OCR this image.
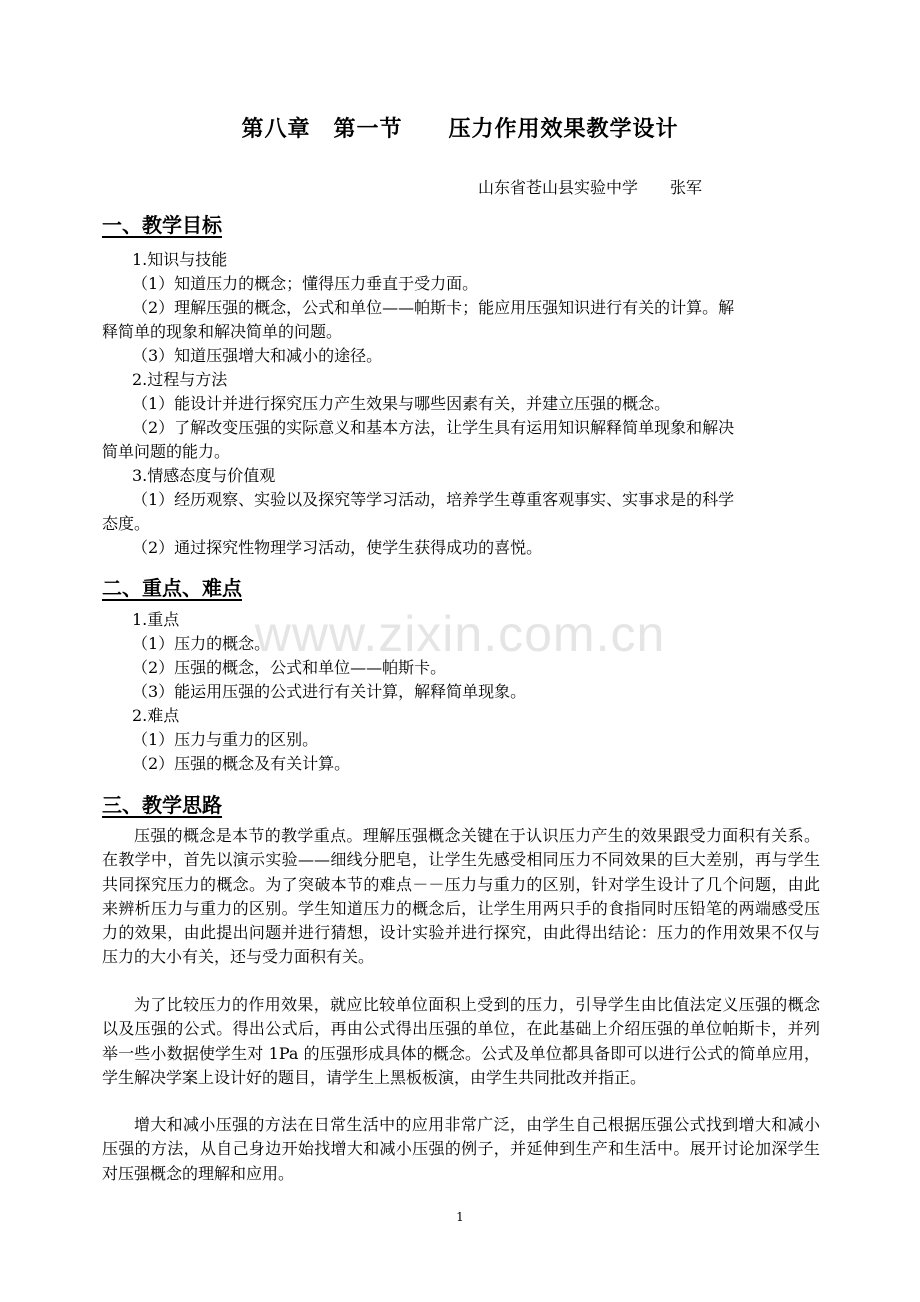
www.zixin.com.cn
第八章　第一节　　压力作用效果教学设计
山东省苍山县实验中学　　张军
一、教学目标
1.知识与技能
（1）知道压力的概念；懂得压力垂直于受力面。
（2）理解压强的概念，公式和单位——帕斯卡；能应用压强知识进行有关的计算。解
释简单的现象和解决简单的问题。
（3）知道压强增大和减小的途径。
2.过程与方法
（1）能设计并进行探究压力产生效果与哪些因素有关，并建立压强的概念。
（2）了解改变压强的实际意义和基本方法，让学生具有运用知识解释简单现象和解决
简单问题的能力。
3.情感态度与价值观
（1）经历观察、实验以及探究等学习活动，培养学生尊重客观事实、实事求是的科学
态度。
（2）通过探究性物理学习活动，使学生获得成功的喜悦。
二、重点、难点
1.重点
（1）压力的概念。
（2）压强的概念，公式和单位——帕斯卡。
（3）能运用压强的公式进行有关计算，解释简单现象。
2.难点
（1）压力与重力的区别。
（2）压强的概念及有关计算。
三、教学思路
压强的概念是本节的教学重点。理解压强概念关键在于认识压力产生的效果跟受力面积有关系。在教学中，首先以演示实验——细线分肥皂，让学生先感受相同压力不同效果的巨大差别，再与学生共同探究压力的概念。为了突破本节的难点－－压力与重力的区别，针对学生设计了几个问题，由此来辨析压力与重力的区别。学生知道压力的概念后，让学生用两只手的食指同时压铅笔的两端感受压力的效果，由此提出问题并进行猜想，设计实验并进行探究，由此得出结论：压力的作用效果不仅与压力的大小有关，还与受力面积有关。
为了比较压力的作用效果，就应比较单位面积上受到的压力，引导学生由比值法定义压强的概念以及压强的公式。得出公式后，再由公式得出压强的单位，在此基础上介绍压强的单位帕斯卡，并列举一些小数据使学生对 1Pa 的压强形成具体的概念。公式及单位都具备即可以进行公式的简单应用，学生解决学案上设计好的题目，请学生上黑板板演，由学生共同批改并指正。
增大和减小压强的方法在日常生活中的应用非常广泛，由学生自己根据压强公式找到增大和减小压强的方法，从自己身边开始找增大和减小压强的例子，并延伸到生产和生活中。展开讨论加深学生对压强概念的理解和应用。
1
